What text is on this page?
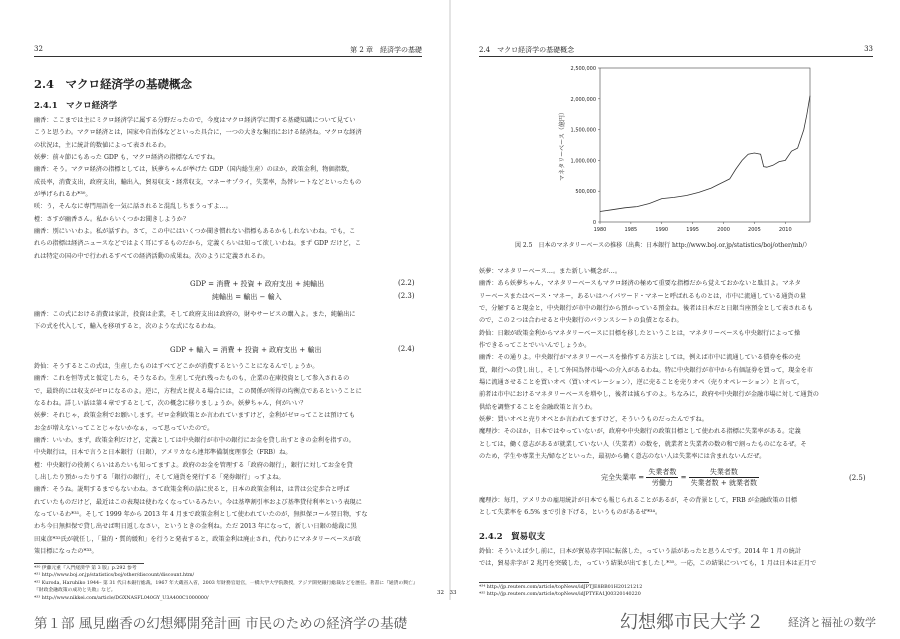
32	第 2 章　経済学の基礎
2.4　マクロ経済学の基礎概念
2.4.1　マクロ経済学

幽香：ここまでは主にミクロ経済学に属する分野だったので，今度はマクロ経済学に関する基礎知識について見てい

こうと思うわ。マクロ経済とは，国家や自治体などといった具合に，一つの大きな集団における経済ね。マクロな経済

の状況は，主に統計的数値によって表されるわ。

妖夢：前々節にもあった GDP も，マクロ経済の指標なんですね。

幽香：そう。マクロ経済の指標としては，妖夢ちゃんが挙げた GDP（国内総生産）のほか，政策金利，物価指数，

成長率，消費支出，政府支出，輸出入，貿易収支・経常収支，マネーサプライ，失業率，為替レートなどといったもの

が挙げられるわ*³⁰。

咲：う，そんなに専門用語を一気に話されると混乱しちまうっすよ…。

橙：さすが幽香さん。私からいくつかお聞きしようか？

幽香：別にいいわよ。私が話すわ。さて，この中にはいくつか聞き慣れない指標もあるかもしれないわね。でも，こ

れらの指標は経済ニュースなどではよく耳にするものだから，定義くらいは知って欲しいわね。まず GDP だけど，こ

れは特定の国の中で行われるすべての経済活動の成果ね。次のように定義されるわ。

GDP = 消費 + 投資 + 政府支出 + 純輸出	(2.2)
純輸出 = 輸出 − 輸入	(2.3)

幽香：この式における消費は家計，投資は企業，そして政府支出は政府の，財やサービスの購入よ。また，純輸出に

下の式を代入して，輸入を移項すると，次のような式になるわね。

GDP + 輸入 = 消費 + 投資 + 政府支出 + 輸出	(2.4)

鈴仙：そうするとこの式は，生産したものはすべてどこかが消費するということになるんでしょうか。

幽香：これを恒等式と仮定したら，そうなるわ。生産して売れ残ったものも，企業の在庫投資として参入されるの

で，最終的には収支がゼロになるのよ。逆に，方程式と捉える場合には，この関係が所得の均衡点であるということに

なるわね。詳しい話は第４章でするとして，次の概念に移りましょうか。妖夢ちゃん，何がいい？

妖夢：それじゃ，政策金利でお願いします。ゼロ金利政策とか言われていますけど，金利がゼロってことは預けても

お金が増えないってことじゃないかなぁ，って思っていたので。

幽香：いいわ。まず，政策金利だけど，定義としては中央銀行が市中の銀行にお金を貸し出すときの金利を指すの。

中央銀行は，日本で言うと日本銀行（日銀），アメリカなら連邦準備制度理事会（FRB）ね。

橙：中央銀行の役割くらいはあたいも知ってますよ。政府のお金を管理する「政府の銀行」，銀行に対してお金を貸

し出したり預かったりする「銀行の銀行」，そして通貨を発行する「発券銀行」っすよね。

幽香：そうね。説明するまでもないわね。さて政策金利の話に戻ると，日本の政策金利は，は昔は公定歩合と呼ば

れていたものだけど，最近はこの表現は使わなくなっているみたい。今は基準割引率および基準貸付利率という表現に

なっているわ*³¹。そして 1999 年から 2013 年 4 月まで政策金利として使われていたのが，無担保コール翌日物，すな

わち今日無担保で貸し出せば明日返しなさい，というときの金利ね。ただ 2013 年になって，新しい日銀の総裁に黒

田東彦*³²氏が就任し，「量的・質的緩和」を行うと発表すると，政策金利は廃止され，代わりにマネタリーベースが政

策目標になったの*³³。

*³⁰ 伊藤元重『入門経済学 第 3 版』p.292 参考

*³¹ http://www.boj.or.jp/statistics/boj/other/discount/discount.htm/

*³² Kuroda, Haruhiko 1944– 第 31 代日本銀行総裁。1967 年大蔵省入省，2003 年財務官退官，一橋大学大学院教授，アジア開発銀行総裁などを歴任。著書に『通貨の興亡』『財政金融政策の成功と失敗』など。

*³³ http://www.nikkei.com/article/DGXNASFL040GY_U3A400C1000000/

32　33
2.4　マクロ経済学の基礎概念	33
0
500,000
1,000,000
1,500,000
2,000,000
2,500,000
1980	1985	1990	1995	2000	2005	2010
マネタリーベース（億円）
図 2.5　日本のマネタリーベースの推移（出典：日本銀行 http://www.boj.or.jp/statistics/boj/other/mb/）

妖夢：マネタリーベース…。また新しい概念が…。

幽香：あら妖夢ちゃん，マネタリーベースもマクロ経済の極めて重要な指標だから覚えておかないと駄目よ。マネタ

リーベースまたはベース・マネー，あるいはハイパワード・マネーと呼ばれるものとは，市中に流通している通貨の量

で，分解すると現金と，中央銀行が市中の銀行から預かっている預金ね。後者は日本だと日銀当座預金として表されるも

ので，この２つは合わせると中央銀行のバランスシートの負債となるわ。

鈴仙：日銀が政策金利からマネタリーベースに目標を移したということは，マネタリーベースも中央銀行によって操

作できるってことでいいんでしょうか。

幽香：その通りよ。中央銀行がマネタリーベースを操作する方法としては，例えば市中に流通している債券を株の売

買，銀行への貸し出し，そして外国為替市場への介入があるわね。特に中央銀行が市中から有価証券を買って，現金を市

場に流通させることを買いオペ（買いオペレーション），逆に売ることを売りオペ（売りオペレーション）と言って，

前者は市中におけるマネタリーベースを増やし，後者は減らすのよ。ちなみに，政府や中央銀行が金融市場に対して通貨の

供給を調整することを金融政策と言うわ。

妖夢：買いオペと売りオペとか言われてますけど，そういうものだったんですね。

魔理沙：そのほか，日本ではやっていないが，政府や中央銀行の政策目標として使われる指標に失業率がある。定義

としては，働く意志があるが就業していない人（失業者）の数を，就業者と失業者の数の和で割ったものになるぜ。そ

のため，学生や専業主夫/婦などといった，最初から働く意志のない人は失業率には含まれないんだぜ。

完全失業率 = $\frac{\text{失業者数}}{\text{労働力}} = \frac{\text{失業者数}}{\text{失業者数 + 就業者数}}$	(2.5)

魔理沙：毎月，アメリカの雇用統計が日本でも報じられることがあるが，その背景として，FRB が金融政策の目標

として失業率を 6.5% まで引き下げる，というものがあるぜ*³⁴。

2.4.2　貿易収支

鈴仙：そういえば少し前に，日本が貿易赤字国に転落した，っていう話があったと思うんです。2014 年 1 月の統計

では，貿易赤字が 2 兆円を突破した，っていう結果が出てましたし*³⁵。一応，この結果についても，1 月は日本は正月で

*³⁴ http://jp.reuters.com/article/topNews/idJPTJE8BB01H20121212

*³⁵ http://jp.reuters.com/article/topNews/idJPTYEA1J00320140220

第１部 風見幽香の幻想郷開発計画 市民のための経済学の基礎	幻想郷市民大学２ 経済と福祉の数学
